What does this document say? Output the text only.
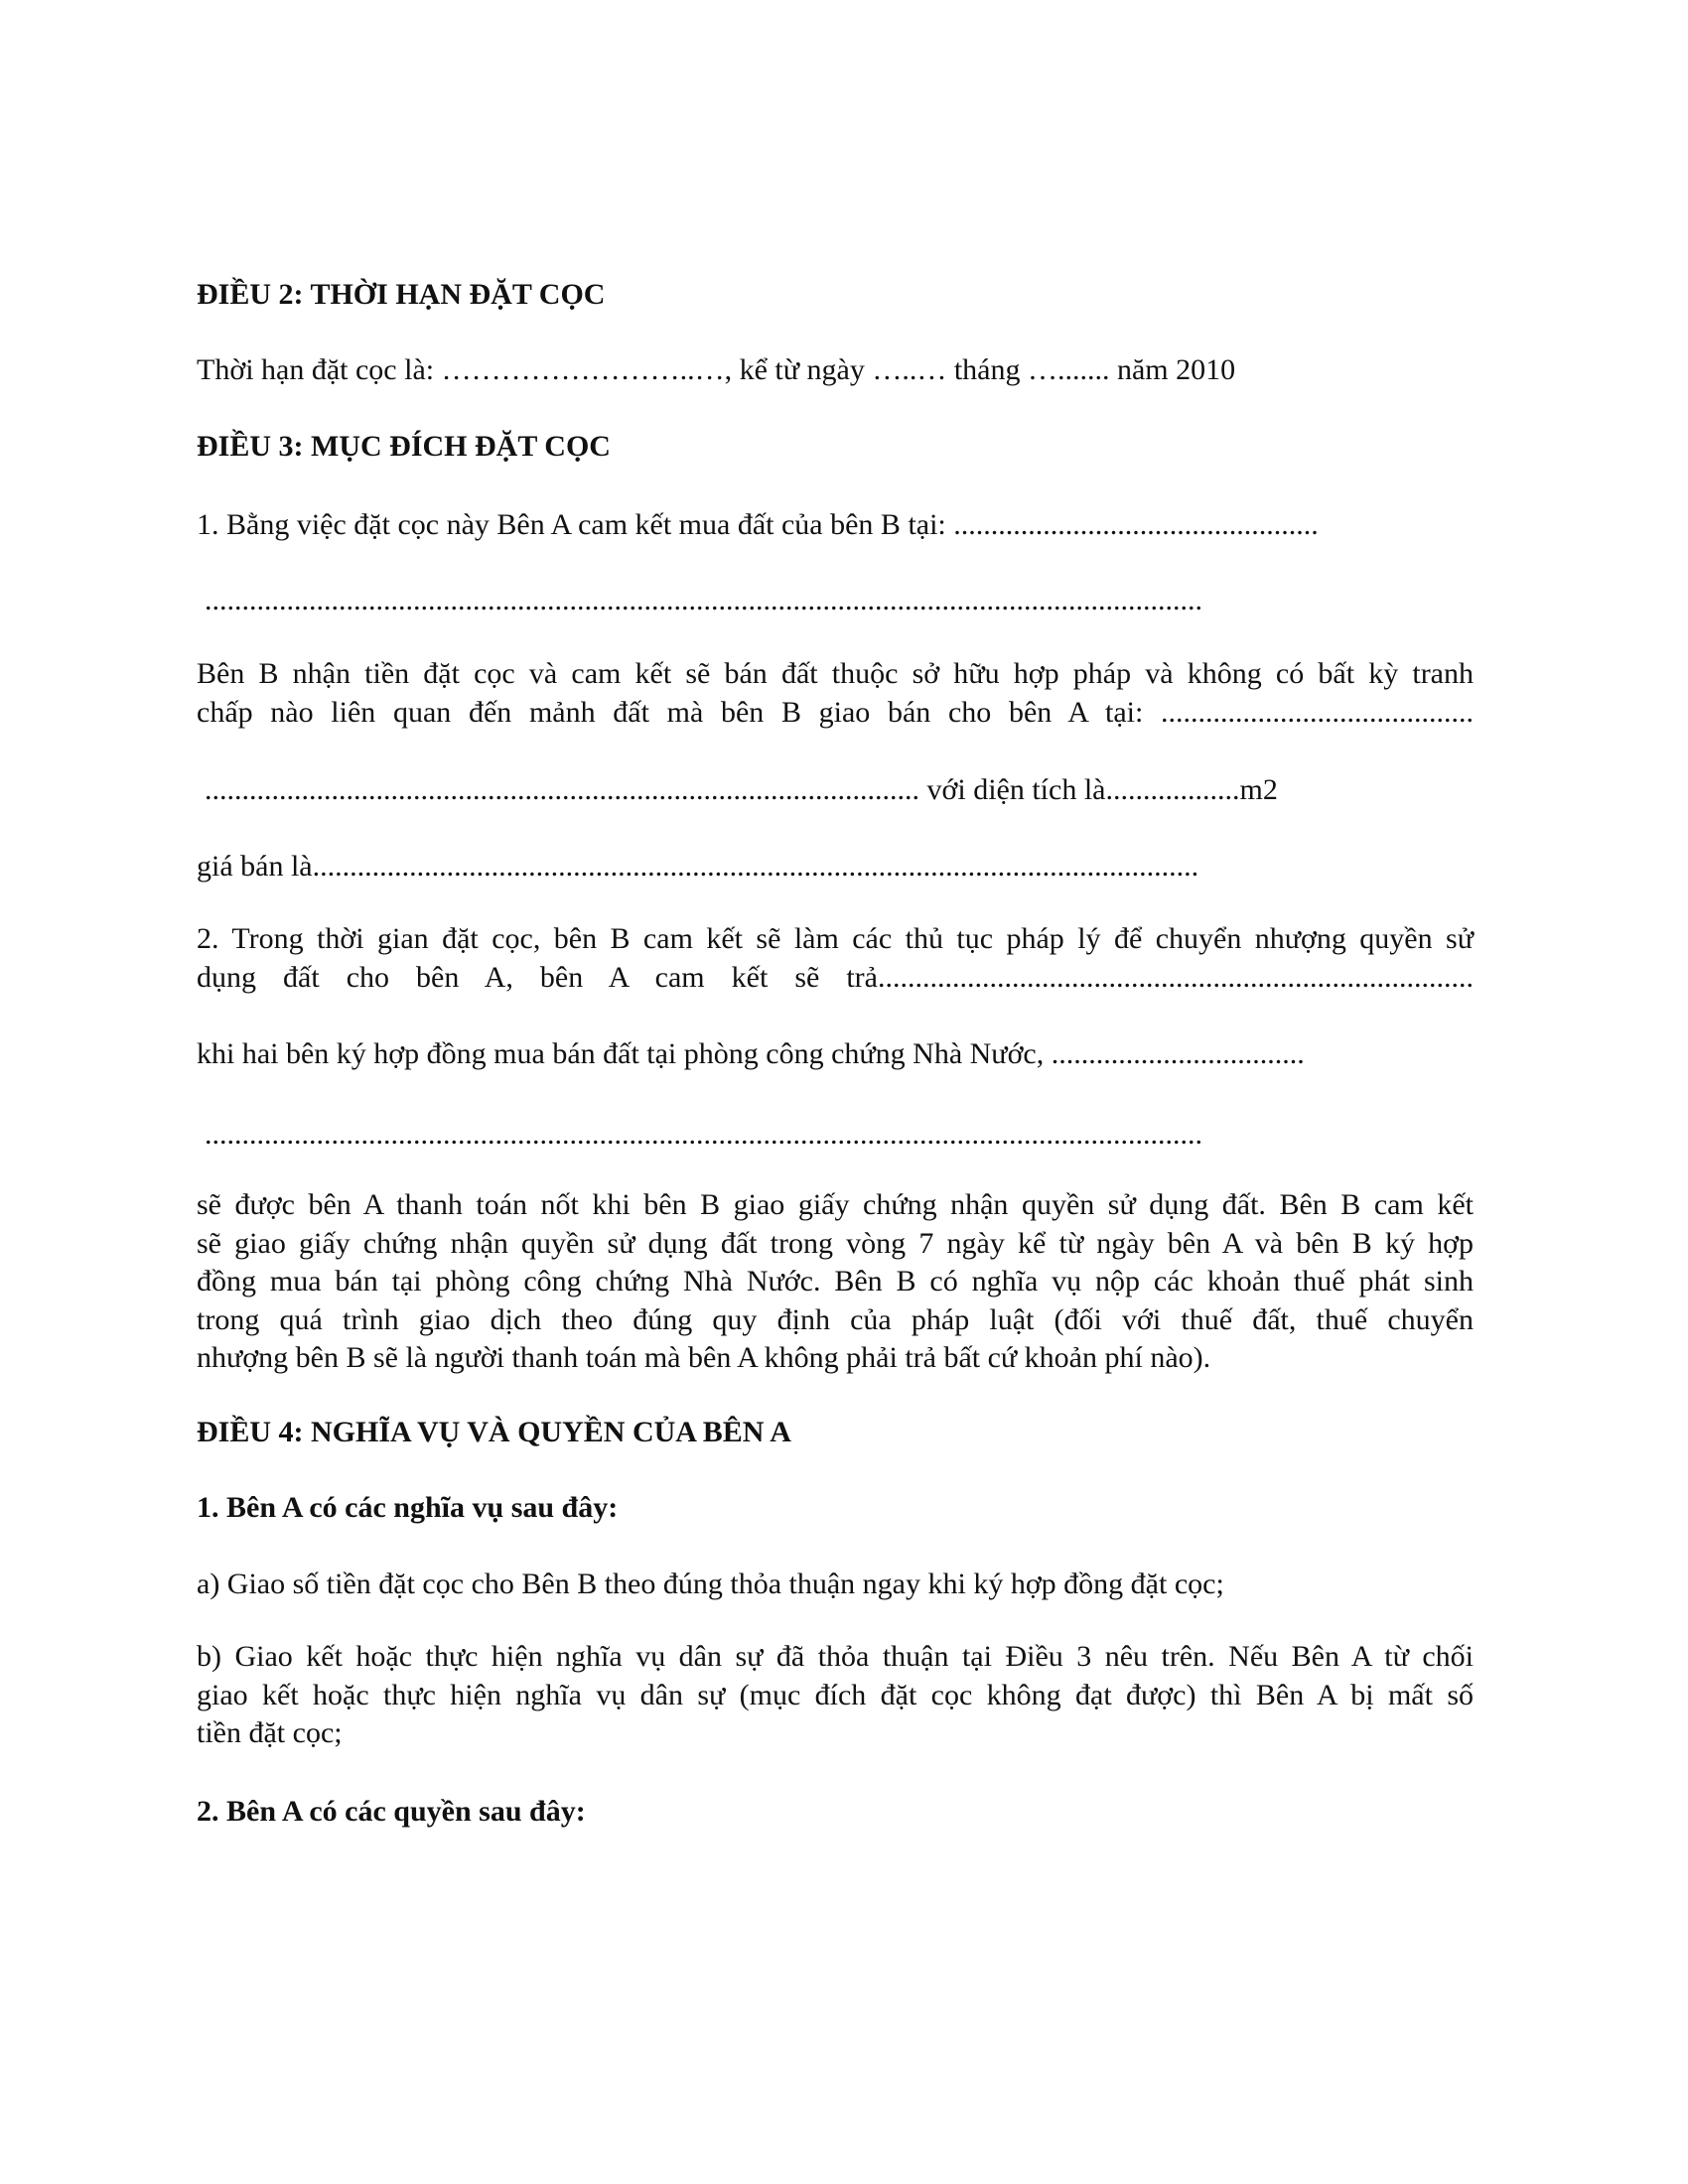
ĐIỀU 2: THỜI HẠN ĐẶT CỌC
Thời hạn đặt cọc là: ……………………..…, kể từ ngày …..… tháng …....... năm 2010
ĐIỀU 3: MỤC ĐÍCH ĐẶT CỌC
1. Bằng việc đặt cọc này Bên A cam kết mua đất của bên B tại: .................................................
......................................................................................................................................
Bên B nhận tiền đặt cọc và cam kết sẽ bán đất thuộc sở hữu hợp pháp và không có bất kỳ tranh
chấp nào liên quan đến mảnh đất mà bên B giao bán cho bên A tại: ..........................................
................................................................................................ với diện tích là..................m2
giá bán là.......................................................................................................................
2. Trong thời gian đặt cọc, bên B cam kết sẽ làm các thủ tục pháp lý để chuyển nhượng quyền sử
dụng đất cho bên A, bên A cam kết sẽ trả................................................................................
khi hai bên ký hợp đồng mua bán đất tại phòng công chứng Nhà Nước, ..................................
......................................................................................................................................
sẽ được bên A thanh toán nốt khi bên B giao giấy chứng nhận quyền sử dụng đất. Bên B cam kết
sẽ giao giấy chứng nhận quyền sử dụng đất trong vòng 7 ngày kể từ ngày bên A và bên B ký hợp
đồng mua bán tại phòng công chứng Nhà Nước. Bên B có nghĩa vụ nộp các khoản thuế phát sinh
trong quá trình giao dịch theo đúng quy định của pháp luật (đối với thuế đất, thuế chuyển
nhượng bên B sẽ là người thanh toán mà bên A không phải trả bất cứ khoản phí nào).
ĐIỀU 4: NGHĨA VỤ VÀ QUYỀN CỦA BÊN A
1. Bên A có các nghĩa vụ sau đây:
a) Giao số tiền đặt cọc cho Bên B theo đúng thỏa thuận ngay khi ký hợp đồng đặt cọc;
b) Giao kết hoặc thực hiện nghĩa vụ dân sự đã thỏa thuận tại Điều 3 nêu trên. Nếu Bên A từ chối
giao kết hoặc thực hiện nghĩa vụ dân sự (mục đích đặt cọc không đạt được) thì Bên A bị mất số
tiền đặt cọc;
2. Bên A có các quyền sau đây:
